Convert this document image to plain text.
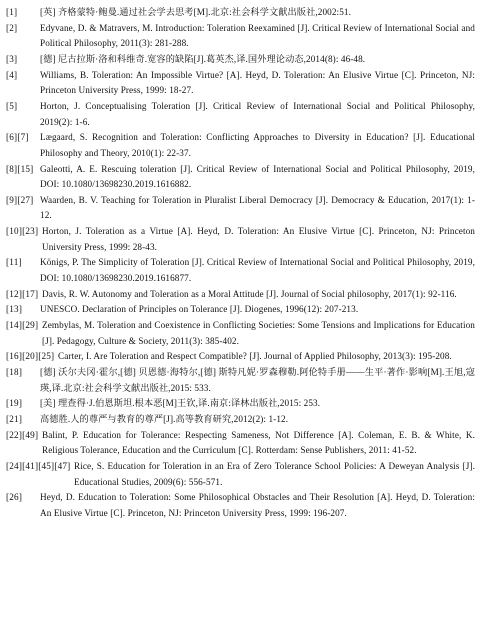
[1]	[英] 齐格蒙特·鲍曼.通过社会学去思考[M].北京:社会科学文献出版社,2002:51.
[2]	Edyvane, D. & Matravers, M. Introduction: Toleration Reexamined [J]. Critical Review of International Social and Political Philosophy, 2011(3): 281-288.
[3]	[德] 尼古拉斯·洛和科维奇.宽容的缺陷[J].葛英杰,译.国外理论动态,2014(8): 46-48.
[4]	Williams, B. Toleration: An Impossible Virtue? [A]. Heyd, D. Toleration: An Elusive Virtue [C]. Princeton, NJ: Princeton University Press, 1999: 18-27.
[5]	Horton, J. Conceptualising Toleration [J]. Critical Review of International Social and Political Philosophy, 2019(2): 1-6.
[6][7]	Lægaard, S. Recognition and Toleration: Conflicting Approaches to Diversity in Education? [J]. Educational Philosophy and Theory, 2010(1): 22-37.
[8][15] Galeotti, A. E. Rescuing toleration [J]. Critical Review of International Social and Political Philosophy, 2019, DOI: 10.1080/13698230.2019.1616882.
[9][27] Waarden, B. V. Teaching for Toleration in Pluralist Liberal Democracy [J]. Democracy & Education, 2017(1): 1-12.
[10][23] Horton, J. Toleration as a Virtue [A]. Heyd, D. Toleration: An Elusive Virtue [C]. Princeton, NJ: Princeton University Press, 1999: 28-43.
[11]	Königs, P. The Simplicity of Toleration [J]. Critical Review of International Social and Political Philosophy, 2019, DOI: 10.1080/13698230.2019.1616877.
[12][17] Davis, R. W. Autonomy and Toleration as a Moral Attitude [J]. Journal of Social philosophy, 2017(1): 92-116.
[13]	UNESCO. Declaration of Principles on Tolerance [J]. Diogenes, 1996(12): 207-213.
[14][29] Zembylas, M. Toleration and Coexistence in Conflicting Societies: Some Tensions and Implications for Education [J]. Pedagogy, Culture & Society, 2011(3): 385-402.
[16][20][25] Carter, I. Are Toleration and Respect Compatible? [J]. Journal of Applied Philosophy, 2013(3): 195-208.
[18]	[德] 沃尔夫冈·霍尔,[德] 贝恩德·海特尔,[德] 斯特凡妮·罗森穆勒.阿伦特手册——生平·著作·影响[M].王旭,寇瑛,译.北京:社会科学文献出版社,2015: 533.
[19]	[美] 理查得·J.伯恩斯坦.根本恶[M]王钦,译.南京:译林出版社,2015: 253.
[21]	高德胜.人的尊严与教育的尊严[J].高等教育研究,2012(2): 1-12.
[22][49] Balint, P. Education for Tolerance: Respecting Sameness, Not Difference [A]. Coleman, E. B. & White, K. Religious Tolerance, Education and the Curriculum [C]. Rotterdam: Sense Publishers, 2011: 41-52.
[24][41][45][47] Rice, S. Education for Toleration in an Era of Zero Tolerance School Policies: A Deweyan Analysis [J]. Educational Studies, 2009(6): 556-571.
[26]	Heyd, D. Education to Toleration: Some Philosophical Obstacles and Their Resolution [A]. Heyd, D. Toleration: An Elusive Virtue [C]. Princeton, NJ: Princeton University Press, 1999: 196-207.
